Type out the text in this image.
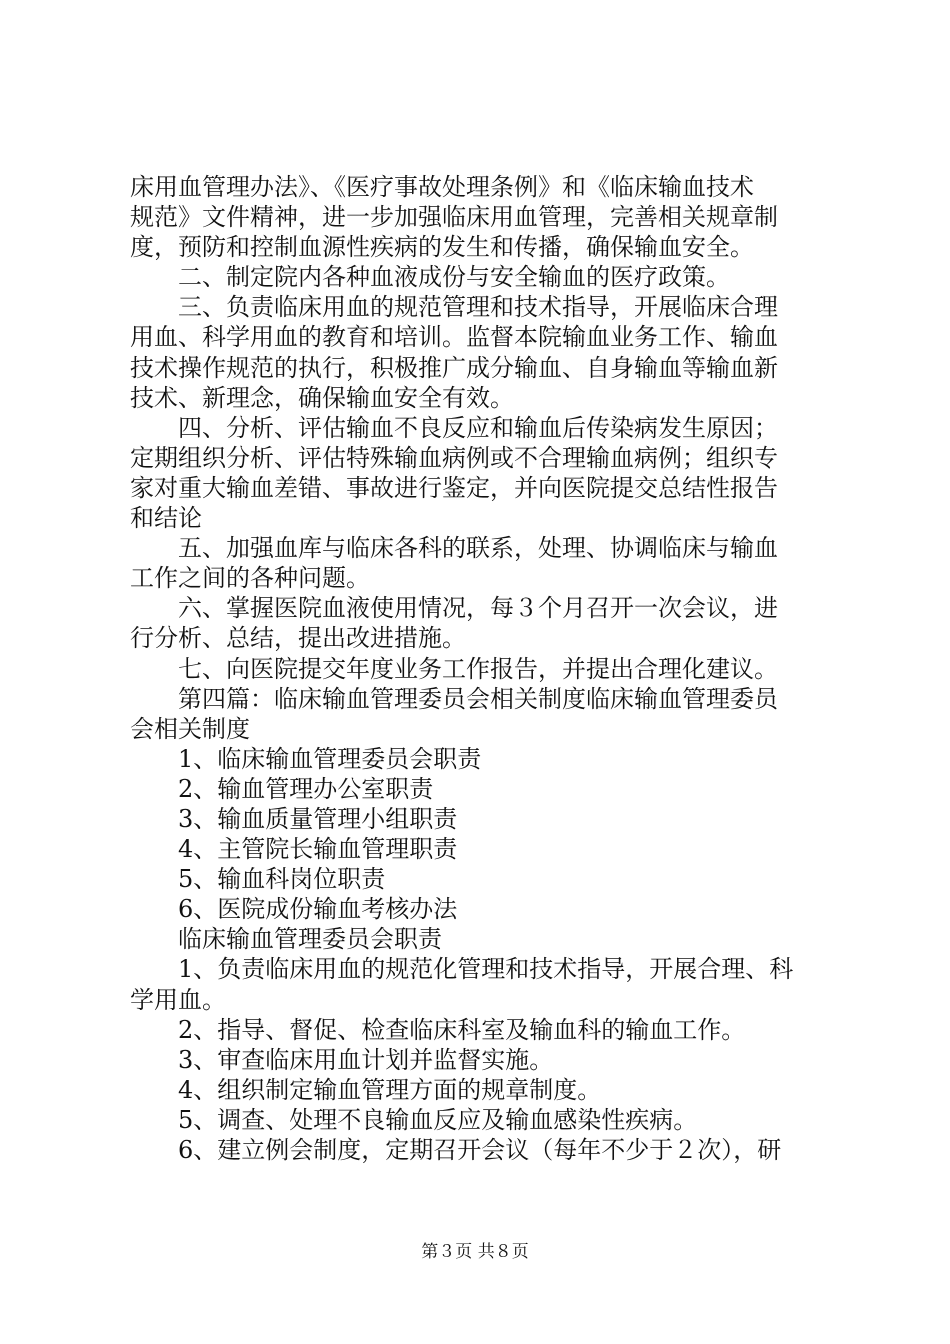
床用血管理办法》、《医疗事故处理条例》和《临床输血技术
规范》文件精神，进一步加强临床用血管理，完善相关规章制
度，预防和控制血源性疾病的发生和传播，确保输血安全。
　　二、制定院内各种血液成份与安全输血的医疗政策。
　　三、负责临床用血的规范管理和技术指导，开展临床合理
用血、科学用血的教育和培训。监督本院输血业务工作、输血
技术操作规范的执行，积极推广成分输血、自身输血等输血新
技术、新理念，确保输血安全有效。
　　四、分析、评估输血不良反应和输血后传染病发生原因；
定期组织分析、评估特殊输血病例或不合理输血病例；组织专
家对重大输血差错、事故进行鉴定，并向医院提交总结性报告
和结论
　　五、加强血库与临床各科的联系，处理、协调临床与输血
工作之间的各种问题。
　　六、掌握医院血液使用情况，每３个月召开一次会议，进
行分析、总结，提出改进措施。
　　七、向医院提交年度业务工作报告，并提出合理化建议。
　　第四篇：临床输血管理委员会相关制度临床输血管理委员
会相关制度
　　1、临床输血管理委员会职责
　　2、输血管理办公室职责
　　3、输血质量管理小组职责
　　4、主管院长输血管理职责
　　5、输血科岗位职责
　　6、医院成份输血考核办法
　　临床输血管理委员会职责
　　1、负责临床用血的规范化管理和技术指导，开展合理、科
学用血。
　　2、指导、督促、检查临床科室及输血科的输血工作。
　　3、审查临床用血计划并监督实施。
　　4、组织制定输血管理方面的规章制度。
　　5、调查、处理不良输血反应及输血感染性疾病。
　　6、建立例会制度，定期召开会议（每年不少于２次），研
第３页 共８页
